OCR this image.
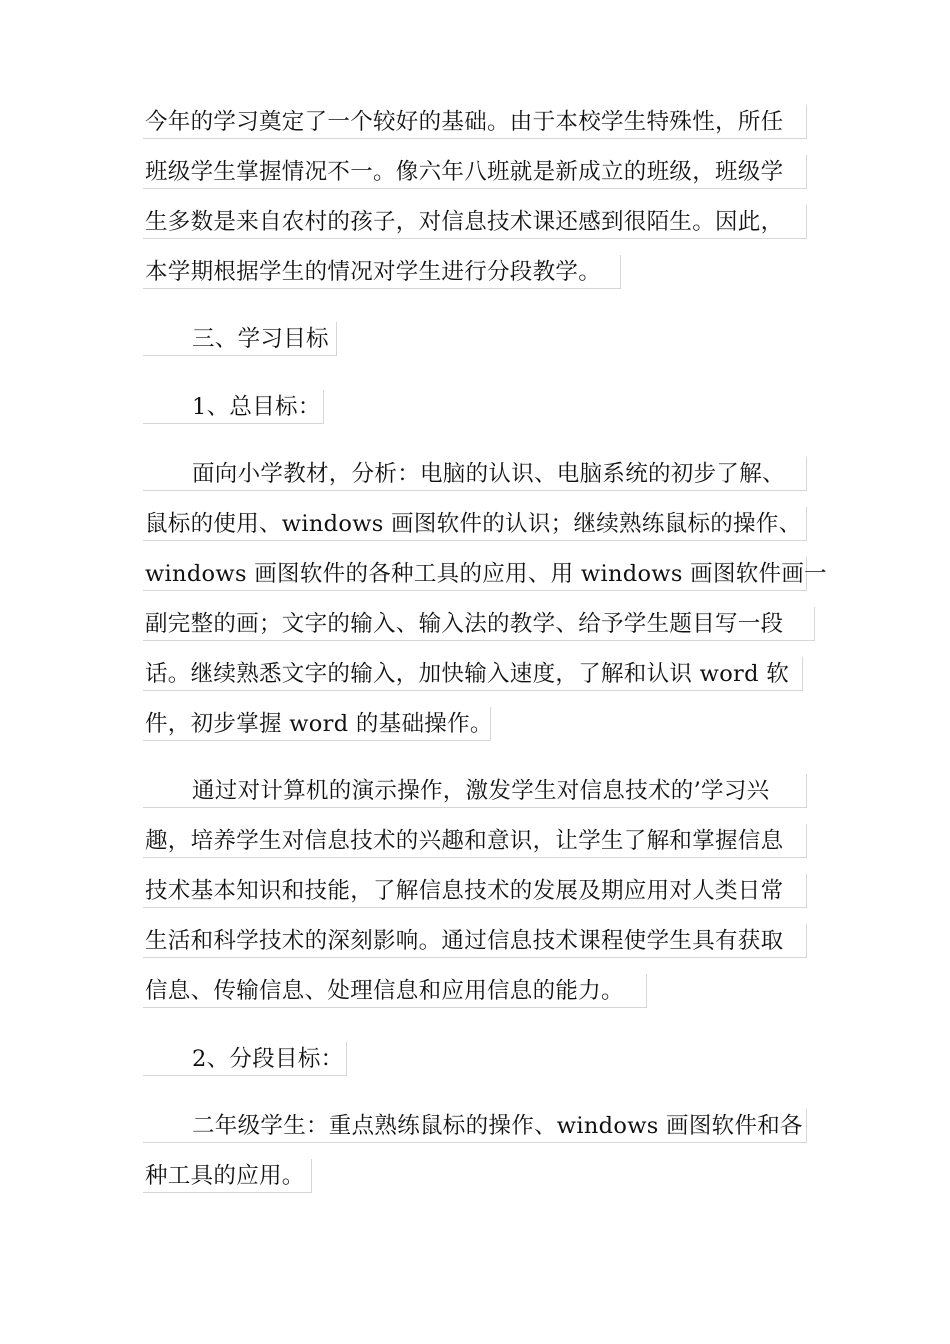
今年的学习奠定了一个较好的基础。由于本校学生特殊性，所任
班级学生掌握情况不一。像六年八班就是新成立的班级，班级学
生多数是来自农村的孩子，对信息技术课还感到很陌生。因此，
本学期根据学生的情况对学生进行分段教学。
三、学习目标
1、总目标：
面向小学教材，分析：电脑的认识、电脑系统的初步了解、
鼠标的使用、windows 画图软件的认识；继续熟练鼠标的操作、
windows 画图软件的各种工具的应用、用 windows 画图软件画一
副完整的画；文字的输入、输入法的教学、给予学生题目写一段
话。继续熟悉文字的输入，加快输入速度，了解和认识 word 软
件，初步掌握 word 的基础操作。
通过对计算机的演示操作，激发学生对信息技术的’学习兴
趣，培养学生对信息技术的兴趣和意识，让学生了解和掌握信息
技术基本知识和技能，了解信息技术的发展及期应用对人类日常
生活和科学技术的深刻影响。通过信息技术课程使学生具有获取
信息、传输信息、处理信息和应用信息的能力。
2、分段目标：
二年级学生：重点熟练鼠标的操作、windows 画图软件和各
种工具的应用。
